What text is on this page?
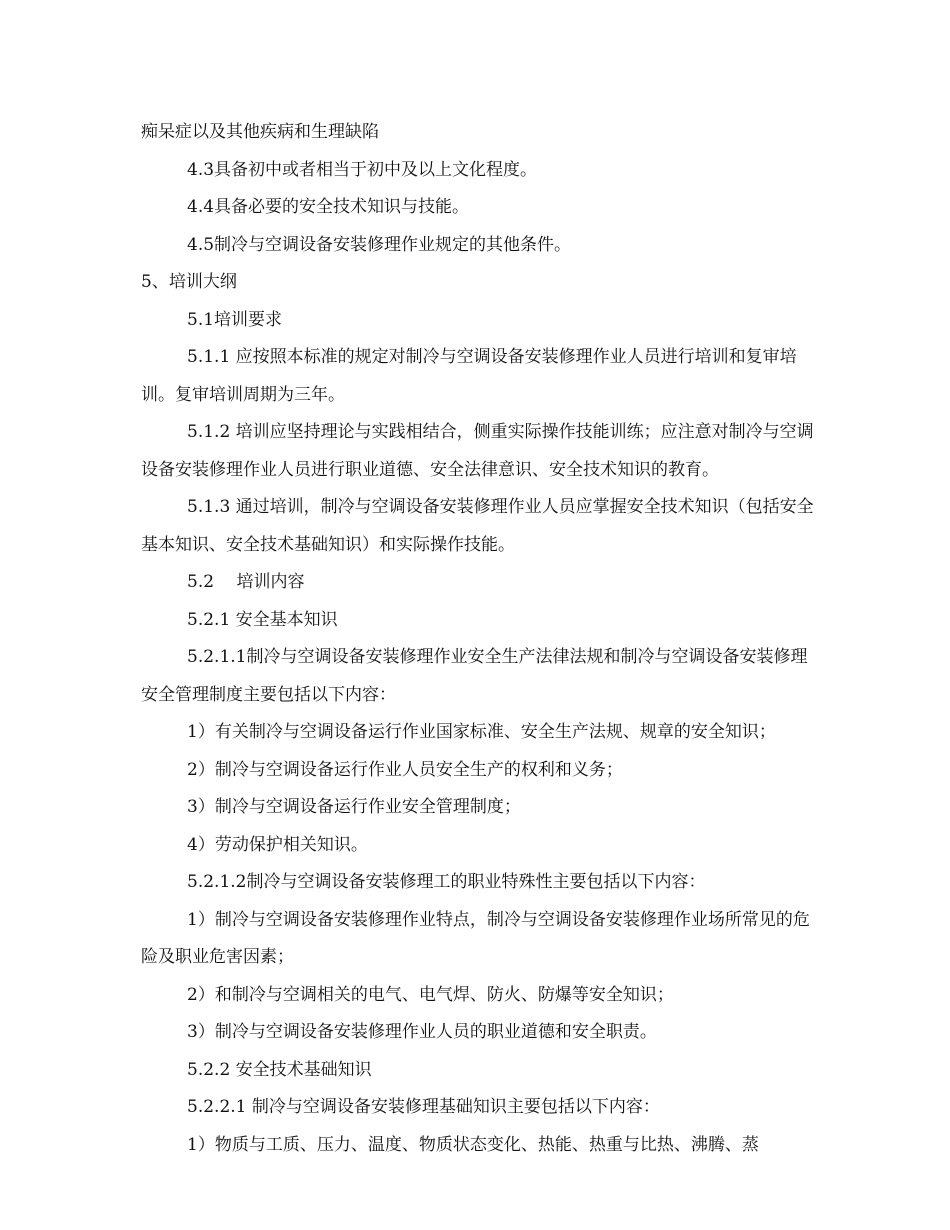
痴呆症以及其他疾病和生理缺陷

4.3具备初中或者相当于初中及以上文化程度。

4.4具备必要的安全技术知识与技能。

4.5制冷与空调设备安装修理作业规定的其他条件。

5、培训大纲

5.1培训要求

5.1.1 应按照本标准的规定对制冷与空调设备安装修理作业人员进行培训和复审培训。复审培训周期为三年。

5.1.2 培训应坚持理论与实践相结合，侧重实际操作技能训练；应注意对制冷与空调设备安装修理作业人员进行职业道德、安全法律意识、安全技术知识的教育。

5.1.3 通过培训，制冷与空调设备安装修理作业人员应掌握安全技术知识（包括安全基本知识、安全技术基础知识）和实际操作技能。

5.2　 培训内容

5.2.1 安全基本知识

5.2.1.1制冷与空调设备安装修理作业安全生产法律法规和制冷与空调设备安装修理安全管理制度主要包括以下内容：

1）有关制冷与空调设备运行作业国家标准、安全生产法规、规章的安全知识；

2）制冷与空调设备运行作业人员安全生产的权利和义务；

3）制冷与空调设备运行作业安全管理制度；

4）劳动保护相关知识。

5.2.1.2制冷与空调设备安装修理工的职业特殊性主要包括以下内容：

1）制冷与空调设备安装修理作业特点，制冷与空调设备安装修理作业场所常见的危险及职业危害因素；

2）和制冷与空调相关的电气、电气焊、防火、防爆等安全知识；

3）制冷与空调设备安装修理作业人员的职业道德和安全职责。

5.2.2 安全技术基础知识

5.2.2.1 制冷与空调设备安装修理基础知识主要包括以下内容：

1）物质与工质、压力、温度、物质状态变化、热能、热重与比热、沸腾、蒸
